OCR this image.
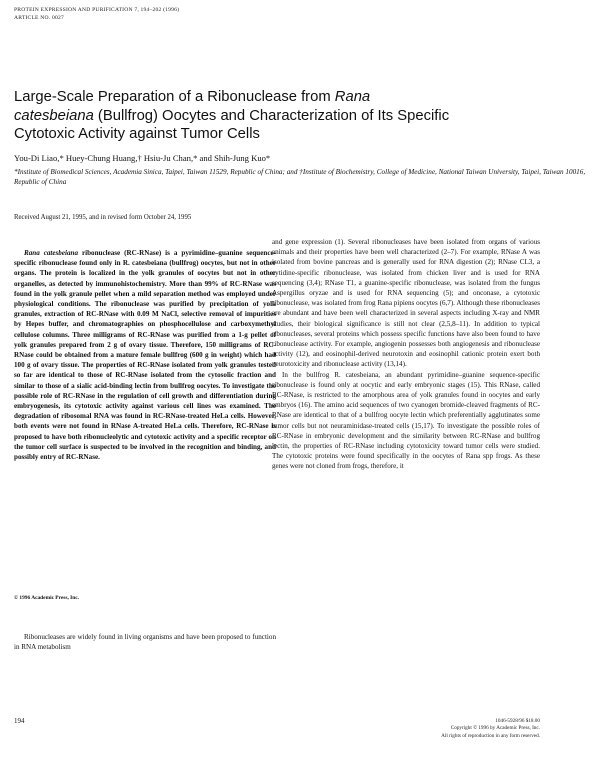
PROTEIN EXPRESSION AND PURIFICATION 7, 194–202 (1996)
ARTICLE NO. 0027
Large-Scale Preparation of a Ribonuclease from Rana catesbeiana (Bullfrog) Oocytes and Characterization of Its Specific Cytotoxic Activity against Tumor Cells
You-Di Liao,* Huey-Chung Huang,† Hsiu-Ju Chan,* and Shih-Jung Kuo*
*Institute of Biomedical Sciences, Academia Sinica, Taipei, Taiwan 11529, Republic of China; and †Institute of Biochemistry, College of Medicine, National Taiwan University, Taipei, Taiwan 10016, Republic of China
Received August 21, 1995, and in revised form October 24, 1995

Rana catesbeiana ribonuclease (RC-RNase) is a pyrimidine–guanine sequence-specific ribonuclease found only in R. catesbeiana (bullfrog) oocytes, but not in other organs. The protein is localized in the yolk granules of oocytes but not in other organelles, as detected by immunohistochemistry. More than 99% of RC-RNase was found in the yolk granule pellet when a mild separation method was employed under physiological conditions. The ribonuclease was purified by precipitation of yolk granules, extraction of RC-RNase with 0.09 M NaCl, selective removal of impurities by Hepes buffer, and chromatographies on phosphocellulose and carboxymethyl cellulose columns. Three milligrams of RC-RNase was purified from a 1-g pellet of yolk granules prepared from 2 g of ovary tissue. Therefore, 150 milligrams of RC-RNase could be obtained from a mature female bullfrog (600 g in weight) which had 100 g of ovary tissue. The properties of RC-RNase isolated from yolk granules tested so far are identical to those of RC-RNase isolated from the cytosolic fraction and similar to those of a sialic acid-binding lectin from bullfrog oocytes. To investigate the possible role of RC-RNase in the regulation of cell growth and differentiation during embryogenesis, its cytotoxic activity against various cell lines was examined. The degradation of ribosomal RNA was found in RC-RNase-treated HeLa cells. However, both events were not found in RNase A-treated HeLa cells. Therefore, RC-RNase is proposed to have both ribonucleolytic and cytotoxic activity and a specific receptor on the tumor cell surface is suspected to be involved in the recognition and binding, and possibly entry of RC-RNase.

© 1996 Academic Press, Inc.

Ribonucleases are widely found in living organisms and have been proposed to function in RNA metabolism

and gene expression (1). Several ribonucleases have been isolated from organs of various animals and their properties have been well characterized (2–7). For example, RNase A was isolated from bovine pancreas and is generally used for RNA digestion (2); RNase CL3, a cytidine-specific ribonuclease, was isolated from chicken liver and is used for RNA sequencing (3,4); RNase T1, a guanine-specific ribonuclease, was isolated from the fungus Aspergillus oryzae and is used for RNA sequencing (5); and onconase, a cytotoxic ribonuclease, was isolated from frog Rana pipiens oocytes (6,7). Although these ribonucleases are abundant and have been well characterized in several aspects including X-ray and NMR studies, their biological significance is still not clear (2,5,8–11). In addition to typical ribonucleases, several proteins which possess specific functions have also been found to have ribonuclease activity. For example, angiogenin possesses both angiogenesis and ribonuclease activity (12), and eosinophil-derived neurotoxin and eosinophil cationic protein exert both neurotoxicity and ribonuclease activity (13,14).

In the bullfrog R. catesbeiana, an abundant pyrimidine–guanine sequence-specific ribonuclease is found only at oocytic and early embryonic stages (15). This RNase, called RC-RNase, is restricted to the amorphous area of yolk granules found in oocytes and early embryos (16). The amino acid sequences of two cyanogen bromide-cleaved fragments of RC-RNase are identical to that of a bullfrog oocyte lectin which preferentially agglutinates some tumor cells but not neuraminidase-treated cells (15,17). To investigate the possible roles of RC-RNase in embryonic development and the similarity between RC-RNase and bullfrog lectin, the properties of RC-RNase including cytotoxicity toward tumor cells were studied. The cytotoxic proteins were found specifically in the oocytes of Rana spp frogs. As these genes were not cloned from frogs, therefore, it

194	1046-5928/96 $18.00
Copyright © 1996 by Academic Press, Inc.
All rights of reproduction in any form reserved.
